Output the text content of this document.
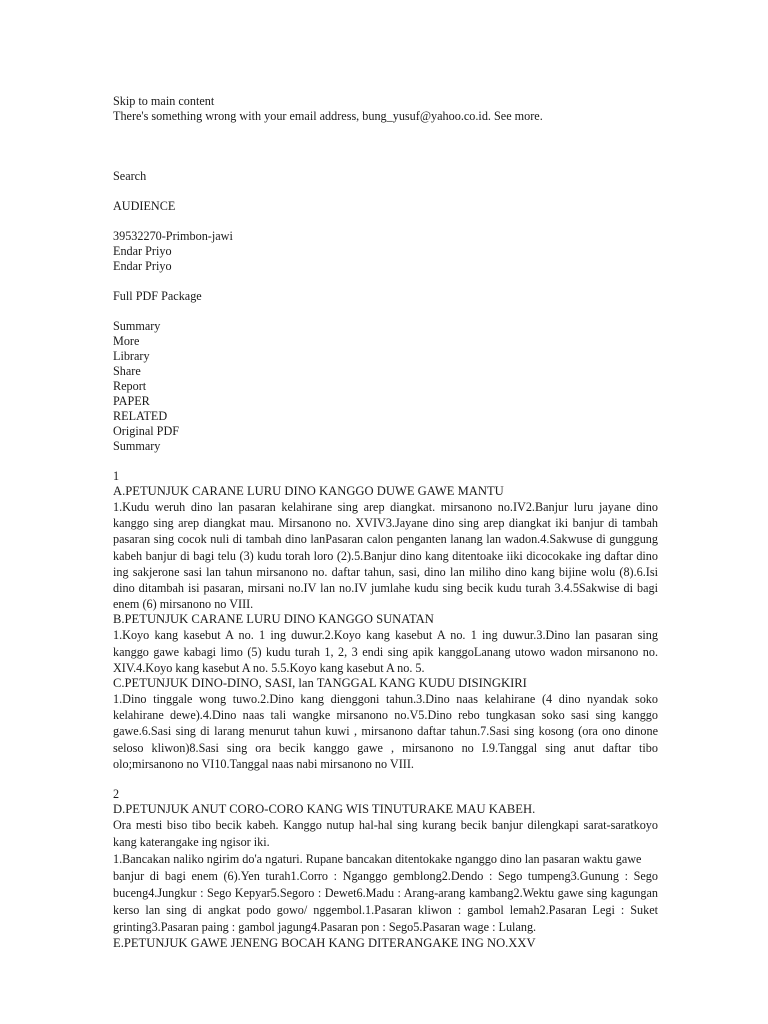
Skip to main content
There's something wrong with your email address, bung_yusuf@yahoo.co.id. See more.
Search
AUDIENCE
39532270-Primbon-jawi
Endar Priyo
Endar Priyo
Full PDF Package
Summary
More
Library
Share
Report
PAPER
RELATED
Original PDF
Summary
1
A.PETUNJUK CARANE LURU DINO KANGGO DUWE GAWE MANTU
1.Kudu weruh dino lan pasaran kelahirane sing arep diangkat. mirsanono no.IV2.Banjur luru jayane dino kanggo sing arep diangkat mau. Mirsanono no. XVIV3.Jayane dino sing arep diangkat iki banjur di tambah pasaran sing cocok nuli di tambah dino lanPasaran calon penganten lanang lan wadon.4.Sakwuse di gunggung kabeh banjur di bagi telu (3) kudu torah loro (2).5.Banjur dino kang ditentoake iiki dicocokake ing daftar dino ing sakjerone sasi lan tahun mirsanono no. daftar tahun, sasi, dino lan miliho dino kang bijine wolu (8).6.Isi dino ditambah isi pasaran, mirsani no.IV lan no.IV jumlahe kudu sing becik kudu turah 3.4.5Sakwise di bagi enem (6) mirsanono no VIII.
B.PETUNJUK CARANE LURU DINO KANGGO SUNATAN
1.Koyo kang kasebut A no. 1 ing duwur.2.Koyo kang kasebut A no. 1 ing duwur.3.Dino lan pasaran sing kanggo gawe kabagi limo (5) kudu turah 1, 2, 3 endi sing apik kanggoLanang utowo wadon mirsanono no. XIV.4.Koyo kang kasebut A no. 5.5.Koyo kang kasebut A no. 5.
C.PETUNJUK DINO-DINO, SASI, lan TANGGAL KANG KUDU DISINGKIRI
1.Dino tinggale wong tuwo.2.Dino kang dienggoni tahun.3.Dino naas kelahirane (4 dino nyandak soko kelahirane dewe).4.Dino naas tali wangke mirsanono no.V5.Dino rebo tungkasan soko sasi sing kanggo gawe.6.Sasi sing di larang menurut tahun kuwi , mirsanono daftar tahun.7.Sasi sing kosong (ora ono dinone seloso kliwon)8.Sasi sing ora becik kanggo gawe , mirsanono no I.9.Tanggal sing anut daftar tibo olo;mirsanono no VI10.Tanggal naas nabi mirsanono no VIII.
2
D.PETUNJUK ANUT CORO-CORO KANG WIS TINUTURAKE MAU KABEH.
Ora mesti biso tibo becik kabeh. Kanggo nutup hal-hal sing kurang becik banjur dilengkapi sarat-saratkoyo kang katerangake ing ngisor iki.
1.Bancakan naliko ngirim do'a ngaturi. Rupane bancakan ditentokake nganggo dino lan pasaran waktu gawe
banjur di bagi enem (6).Yen turah1.Corro : Nganggo gemblong2.Dendo : Sego tumpeng3.Gunung : Sego buceng4.Jungkur : Sego Kepyar5.Segoro : Dewet6.Madu : Arang-arang kambang2.Wektu gawe sing kagungan kerso lan sing di angkat podo gowo/ nggembol.1.Pasaran kliwon : gambol lemah2.Pasaran Legi : Suket grinting3.Pasaran paing : gambol jagung4.Pasaran pon : Sego5.Pasaran wage : Lulang.
E.PETUNJUK GAWE JENENG BOCAH KANG DITERANGAKE ING NO.XXV
